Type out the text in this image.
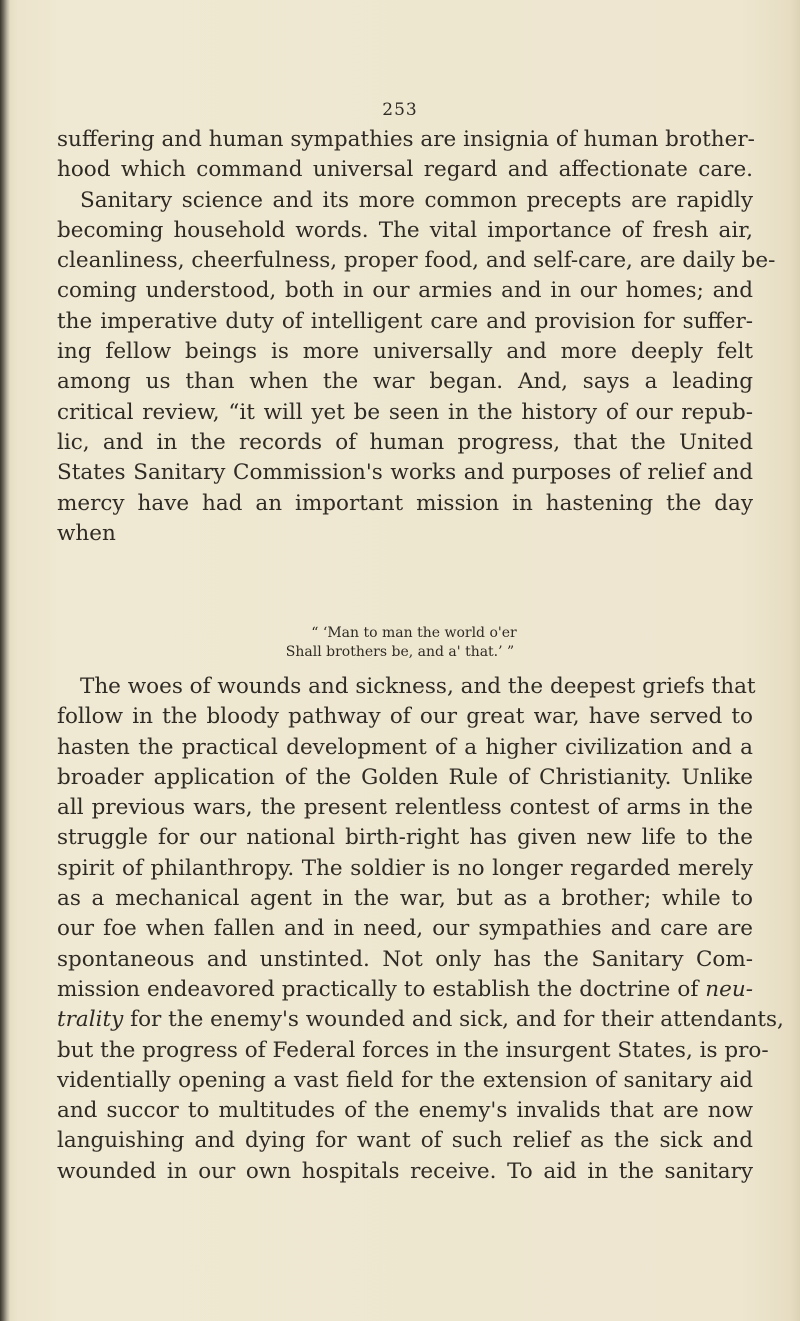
253
suffering and human sympathies are insignia of human brother-
hood which command universal regard and affectionate care.
Sanitary science and its more common precepts are rapidly
becoming household words. The vital importance of fresh air,
cleanliness, cheerfulness, proper food, and self-care, are daily be-
coming understood, both in our armies and in our homes; and
the imperative duty of intelligent care and provision for suffer-
ing fellow beings is more universally and more deeply felt
among us than when the war began. And, says a leading
critical review, “it will yet be seen in the history of our repub-
lic, and in the records of human progress, that the United
States Sanitary Commission's works and purposes of relief and
mercy have had an important mission in hastening the day
when
“ ‘Man to man the world o'er
Shall brothers be, and a' that.’ ”
The woes of wounds and sickness, and the deepest griefs that
follow in the bloody pathway of our great war, have served to
hasten the practical development of a higher civilization and a
broader application of the Golden Rule of Christianity. Unlike
all previous wars, the present relentless contest of arms in the
struggle for our national birth-right has given new life to the
spirit of philanthropy. The soldier is no longer regarded merely
as a mechanical agent in the war, but as a brother; while to
our foe when fallen and in need, our sympathies and care are
spontaneous and unstinted. Not only has the Sanitary Com-
mission endeavored practically to establish the doctrine of neu-
trality for the enemy's wounded and sick, and for their attendants,
but the progress of Federal forces in the insurgent States, is pro-
videntially opening a vast field for the extension of sanitary aid
and succor to multitudes of the enemy's invalids that are now
languishing and dying for want of such relief as the sick and
wounded in our own hospitals receive. To aid in the sanitary
